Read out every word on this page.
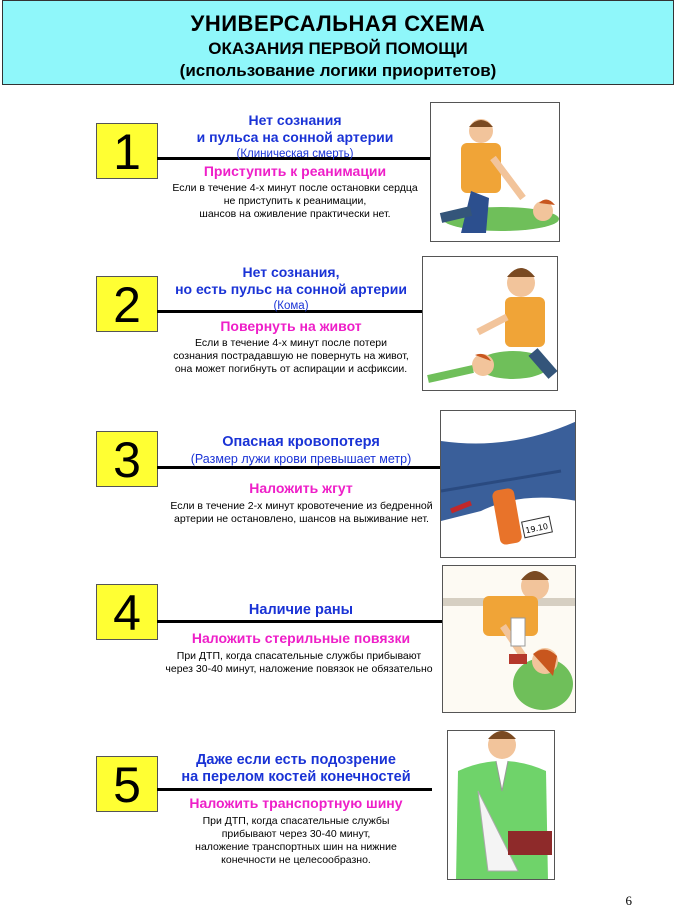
УНИВЕРСАЛЬНАЯ СХЕМА
ОКАЗАНИЯ ПЕРВОЙ ПОМОЩИ
(использование логики приоритетов)
1
Нет сознания
и пульса на сонной артерии
(Клиническая смерть)
Приступить к реанимации
Если в течение 4-х минут после остановки сердца
не приступить к реанимации,
шансов на оживление практически нет.
2
Нет сознания,
но есть пульс на сонной артерии
(Кома)
Повернуть на живот
Если в течение 4-х минут после потери
сознания пострадавшую не повернуть на живот,
она может погибнуть от аспирации и асфиксии.
3	Опасная кровопотеря
(Размер лужи крови превышает метр)
Наложить жгут
Если в течение 2-х минут кровотечение из бедренной
артерии не остановлено, шансов на выживание нет.
19.10
4	Наличие раны
Наложить стерильные повязки
При ДТП, когда спасательные службы прибывают
через 30-40 минут, наложение повязок не обязательно
5	Даже если есть подозрение
на перелом костей конечностей
Наложить транспортную шину
При ДТП, когда спасательные службы
прибывают через 30-40 минут,
наложение транспортных шин на нижние
конечности не целесообразно.
6
